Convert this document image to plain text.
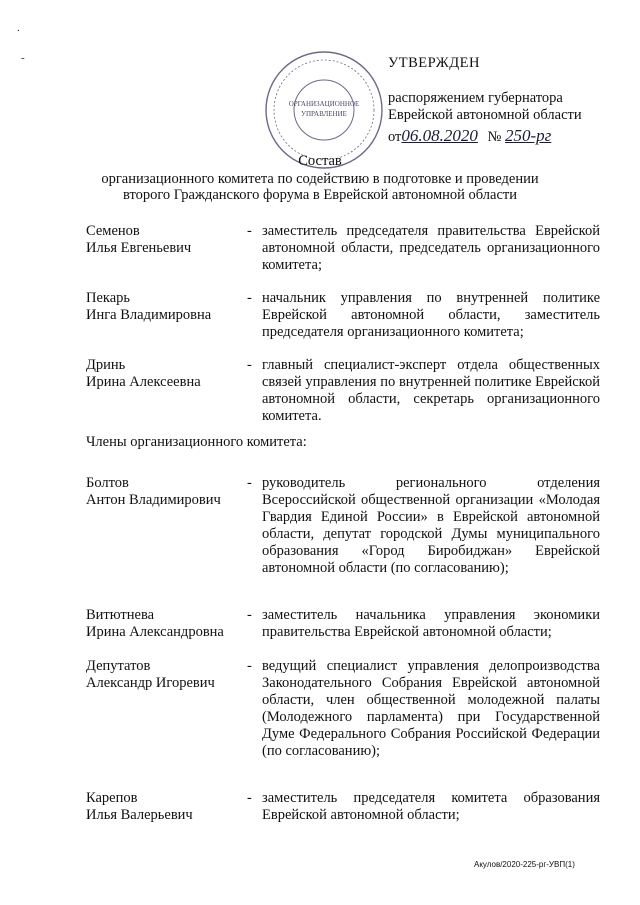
.
-
ОРГАНИЗАЦИОННОЕ
УПРАВЛЕНИЕ
УТВЕРЖДЕН
распоряжением губернатора
Еврейской автономной области
от06.08.2020 № 250-рг
Состав
организационного комитета по содействию в подготовке и проведении
второго Гражданского форума в Еврейской автономной области
Семенов
Илья Евгеньевич
- заместитель председателя правительства Еврейской автономной области, председатель организационного комитета;
Пекарь
Инга Владимировна
- начальник управления по внутренней политике Еврейской автономной области, заместитель председателя организационного комитета;
Дринь
Ирина Алексеевна
- главный специалист-эксперт отдела общественных связей управления по внутренней политике Еврейской автономной области, секретарь организационного комитета.
Члены организационного комитета:
Болтов
Антон Владимирович
- руководитель регионального отделения Всероссийской общественной организации «Молодая Гвардия Единой России» в Еврейской автономной области, депутат городской Думы муниципального образования «Город Биробиджан» Еврейской автономной области (по согласованию);
Витютнева
Ирина Александровна
- заместитель начальника управления экономики правительства Еврейской автономной области;
Депутатов
Александр Игоревич
- ведущий специалист управления делопроизводства Законодательного Собрания Еврейской автономной области, член общественной молодежной палаты (Молодежного парламента) при Государственной Думе Федерального Собрания Российской Федерации (по согласованию);
Карепов
Илья Валерьевич
- заместитель председателя комитета образования Еврейской автономной области;
Акулов/2020-225-рг-УВП(1)
